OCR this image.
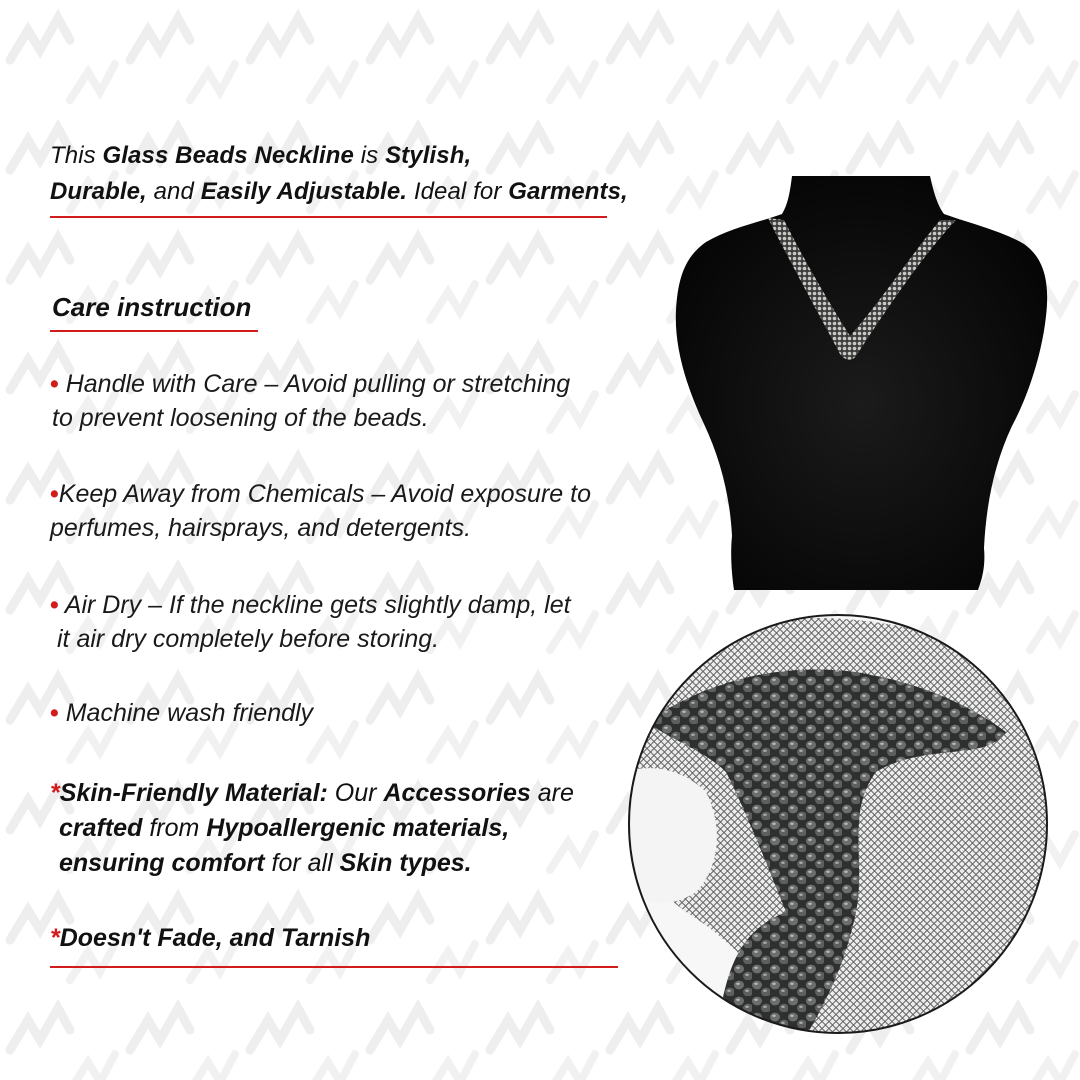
This Glass Beads Neckline is Stylish,
Durable, and Easily Adjustable. Ideal for Garments,
Care instruction
• Handle with Care – Avoid pulling or stretching
to prevent loosening of the beads.
•Keep Away from Chemicals – Avoid exposure to
perfumes, hairsprays, and detergents.
• Air Dry – If the neckline gets slightly damp, let
it air dry completely before storing.
• Machine wash friendly
*Skin-Friendly Material: Our Accessories are
crafted from Hypoallergenic materials,
ensuring comfort for all Skin types.
*Doesn't Fade, and Tarnish
